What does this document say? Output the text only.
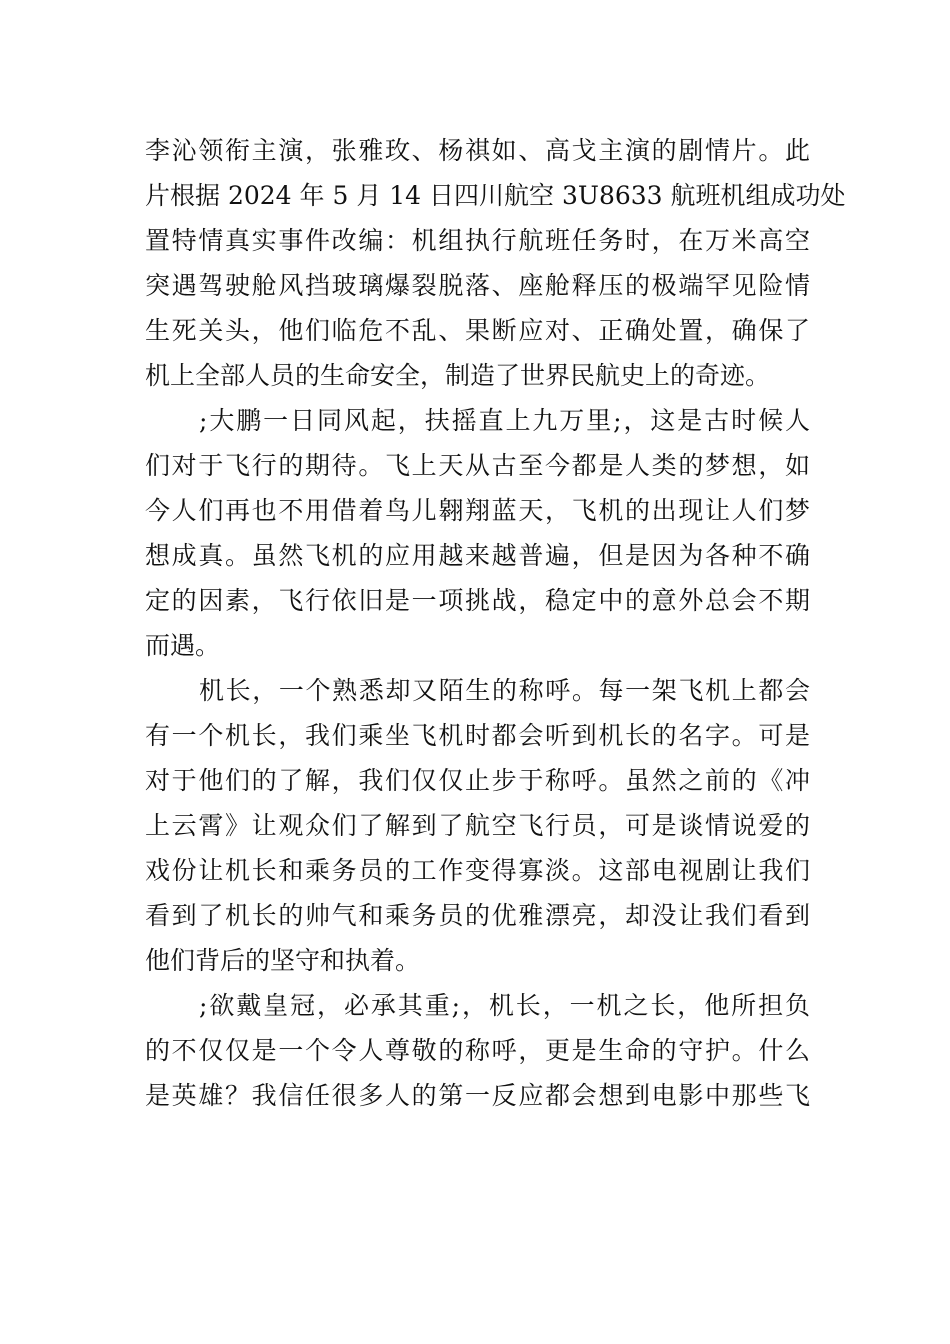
李沁领衔主演，张雅玫、杨祺如、高戈主演的剧情片。此
片根据 2024 年 5 月 14 日四川航空 3U8633 航班机组成功处
置特情真实事件改编：机组执行航班任务时，在万米高空
突遇驾驶舱风挡玻璃爆裂脱落、座舱释压的极端罕见险情
生死关头，他们临危不乱、果断应对、正确处置，确保了
机上全部人员的生命安全，制造了世界民航史上的奇迹。
;大鹏一日同风起，扶摇直上九万里;，这是古时候人
们对于飞行的期待。飞上天从古至今都是人类的梦想，如
今人们再也不用借着鸟儿翱翔蓝天，飞机的出现让人们梦
想成真。虽然飞机的应用越来越普遍，但是因为各种不确
定的因素，飞行依旧是一项挑战，稳定中的意外总会不期
而遇。
机长，一个熟悉却又陌生的称呼。每一架飞机上都会
有一个机长，我们乘坐飞机时都会听到机长的名字。可是
对于他们的了解，我们仅仅止步于称呼。虽然之前的《冲
上云霄》让观众们了解到了航空飞行员，可是谈情说爱的
戏份让机长和乘务员的工作变得寡淡。这部电视剧让我们
看到了机长的帅气和乘务员的优雅漂亮，却没让我们看到
他们背后的坚守和执着。
;欲戴皇冠，必承其重;，机长，一机之长，他所担负
的不仅仅是一个令人尊敬的称呼，更是生命的守护。什么
是英雄？我信任很多人的第一反应都会想到电影中那些飞
